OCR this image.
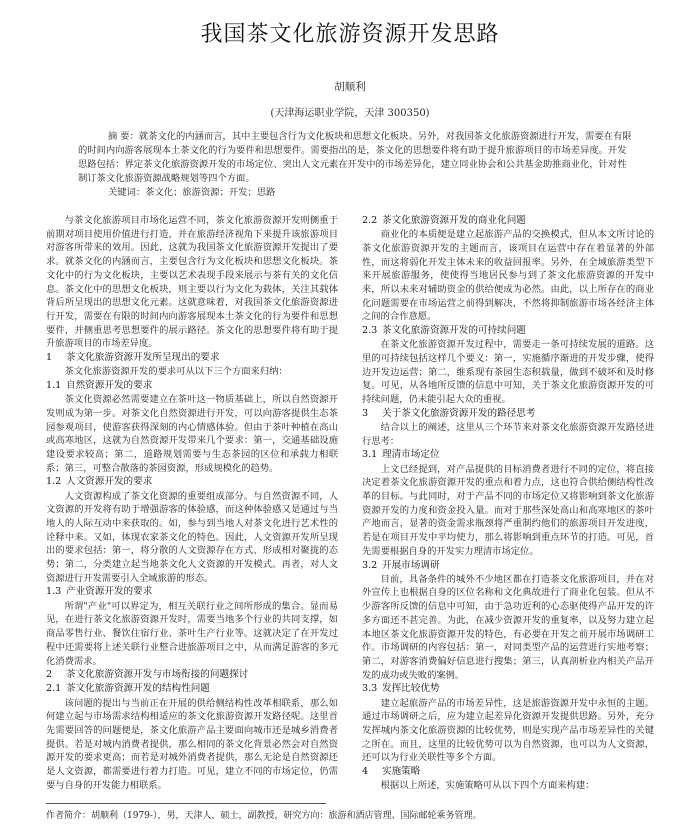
我国茶文化旅游资源开发思路

胡顺利

(天津海运职业学院，天津 300350)

摘 要：就茶文化的内涵而言，其中主要包含行为文化板块和思想文化板块。另外，对我国茶文化旅游资源进行开发，需要在有限的时间内向游客展现本土茶文化的行为要件和思想要件。需要指出的是，茶文化的思想要件将有助于提升旅游项目的市场差异度。开发思路包括：界定茶文化旅游资源开发的市场定位、突出人文元素在开发中的市场差异化，建立同业协会和公共基金助推商业化，针对性制订茶文化旅游资源战略规划等四个方面。

关键词：茶文化；旅游资源；开发；思路

与茶文化旅游项目市场化运营不同，茶文化旅游资源开发则侧重于前期对项目使用价值进行打造，并在旅游经济视角下来提升该旅游项目对游客所带来的效用。因此，这就为我国茶文化旅游资源开发提出了要求。就茶文化的内涵而言，主要包含行为文化板块和思想文化板块。茶文化中的行为文化板块，主要以艺术表现手段来展示与茶有关的文化信息。茶文化中的思想文化板块，则主要以行为文化为载体，关注其载体背后所呈现出的思想文化元素。这就意味着，对我国茶文化旅游资源进行开发，需要在有限的时间内向游客展现本土茶文化的行为要件和思想要件，并侧重思考思想要件的展示路径。茶文化的思想要件将有助于提升旅游项目的市场差异度。

1 茶文化旅游资源开发所呈现出的要求

茶文化旅游资源开发的要求可从以下三个方面来归纳：

1.1 自然资源开发的要求

茶文化资源必然需要建立在茶叶这一物质基础上，所以自然资源开发则成为第一步。对茶文化自然资源进行开发，可以向游客提供生态茶园参观项目，使游客获得深刻的内心情感体验。但由于茶叶种植在高山或高寒地区，这就为自然资源开发带来几个要求：第一，交通基础设施建设要求较高；第二，道路规划需要与生态茶园的区位和承载力相联系；第三，可整合散落的茶园资源，形成规模化的趋势。

1.2 人文资源开发的要求

人文资源构成了茶文化资源的重要组成部分。与自然资源不同，人文资源的开发将有助于增强游客的体验感，而这种体验感又是通过与当地人的人际互动中来获取的。如，参与到当地人对茶文化进行艺术性的诠释中来。又如，体现农家茶文化的特色。因此，人文资源开发所呈现出的要求包括：第一，将分散的人文资源存在方式、形成相对聚拢的态势；第二，分类建立起当地茶文化人文资源的开发模式。再者，对人文资源进行开发需要引入全域旅游的形态。

1.3 产业资源开发的要求

所谓"产业"可以界定为，相互关联行业之间所形成的集合。显而易见，在进行茶文化旅游资源开发时，需要当地多个行业的共同支撑，如商品零售行业、餐饮住宿行业、茶叶生产行业等。这就决定了在开发过程中还需要将上述关联行业整合进旅游项目之中，从而满足游客的多元化消费需求。

2 茶文化旅游资源开发与市场衔接的问题探讨
2.1 茶文化旅游资源开发的结构性问题

该问题的提出与当前正在开展的供给侧结构性改革相联系，那么如何建立起与市场需求结构相适应的茶文化旅游资源开发路径呢。这里首先需要回答的问题便是，茶文化旅游产品主要面向城市还是城乡消费者提供。若是对城内消费者提供，那么相同的茶文化背景必然会对自然资源开发的要求更高；而若是对城外消费者提供，那么无论是自然资源还是人文资源，都需要进行着力打造。可见，建立不同的市场定位，仍需要与自身的开发能力相联系。

2.2 茶文化旅游资源开发的商业化问题

商业化的本质便是建立起旅游产品的交换模式，但从本文所讨论的茶文化旅游资源开发的主题而言，该项目在运营中存在着显著的外部性，而这将弱化开发主体未来的收益回报率。另外，在全域旅游类型下来开展旅游服务，使使得当地居民参与到了茶文化旅游资源的开发中来，所以未来对辅助资金的供给便成为必然。由此，以上所存在的商业化问题需要在市场运营之前得到解决，不然将抑制旅游市场各经济主体之间的合作意愿。

2.3 茶文化旅游资源开发的可持续问题

在茶文化旅游资源开发过程中，需要走一条可持续发展的道路。这里的可持续包括这样几个要义：第一，实施循序渐进的开发步骤，使得边开发边运营；第二，维系现有茶园生态积载量，做到不破坏和及时修复。可见，从各地所反馈的信息中可知，关于茶文化旅游资源开发的可持续问题，仍未能引起大众的重视。

3 关于茶文化旅游资源开发的路径思考

结合以上的阐述，这里从三个环节来对茶文化旅游资源开发路径进行思考：

3.1 理清市场定位

上文已经提到，对产品提供的目标消费者进行不同的定位，将直接决定着茶文化旅游资源开发的重点和着力点，这也符合供给侧结构性改革的目标。与此同时，对于产品不同的市场定位又将影响到茶文化旅游资源开发的力度和资金投入量。而对于那些深处高山和高寒地区的茶叶产地而言，显著的资金需求瓶颈将严重制约他们的旅游项目开发进度，若是在项目开发中平均使力，那么将影响到重点环节的打造。可见，首先需要根据自身的开发实力理清市场定位。

3.2 开展市场调研

目前，具备条件的城外不少地区都在打造茶文化旅游项目，并在对外宣传上也根据自身的区位名称和文化典故进行了商业化包装。但从不少游客所反馈的信息中可知，由于急功近利的心态驱使得产品开发的许多方面还不甚完善。为此，在减少资源开发的重复率，以及努力建立起本地区茶文化旅游资源开发的特色，有必要在开发之前开展市场调研工作。市场调研的内容包括：第一，对同类型产品的运营进行实地考察；第二，对游客消费偏好信息进行搜集；第三，认真剖析业内相关产品开发的成功或失败的案例。

3.3 发挥比较优势

建立起旅游产品的市场差异性，这是旅游资源开发中永恒的主题。通过市场调研之后，应为建立起差异化资源开发提供思路。另外，充分发挥城内茶文化旅游资源的比较优势，则是实现产品市场差异性的关键之所在。而且，这里的比较优势可以为自然资源，也可以为人文资源，还可以为行业关联性等多个方面。

4 实施策略

根据以上所述，实施策略可从以下四个方面来构建：

作者简介：胡顺利（1979-），男，天津人，硕士，副教授，研究方向：旅游和酒店管理、国际邮轮乘务管理。
